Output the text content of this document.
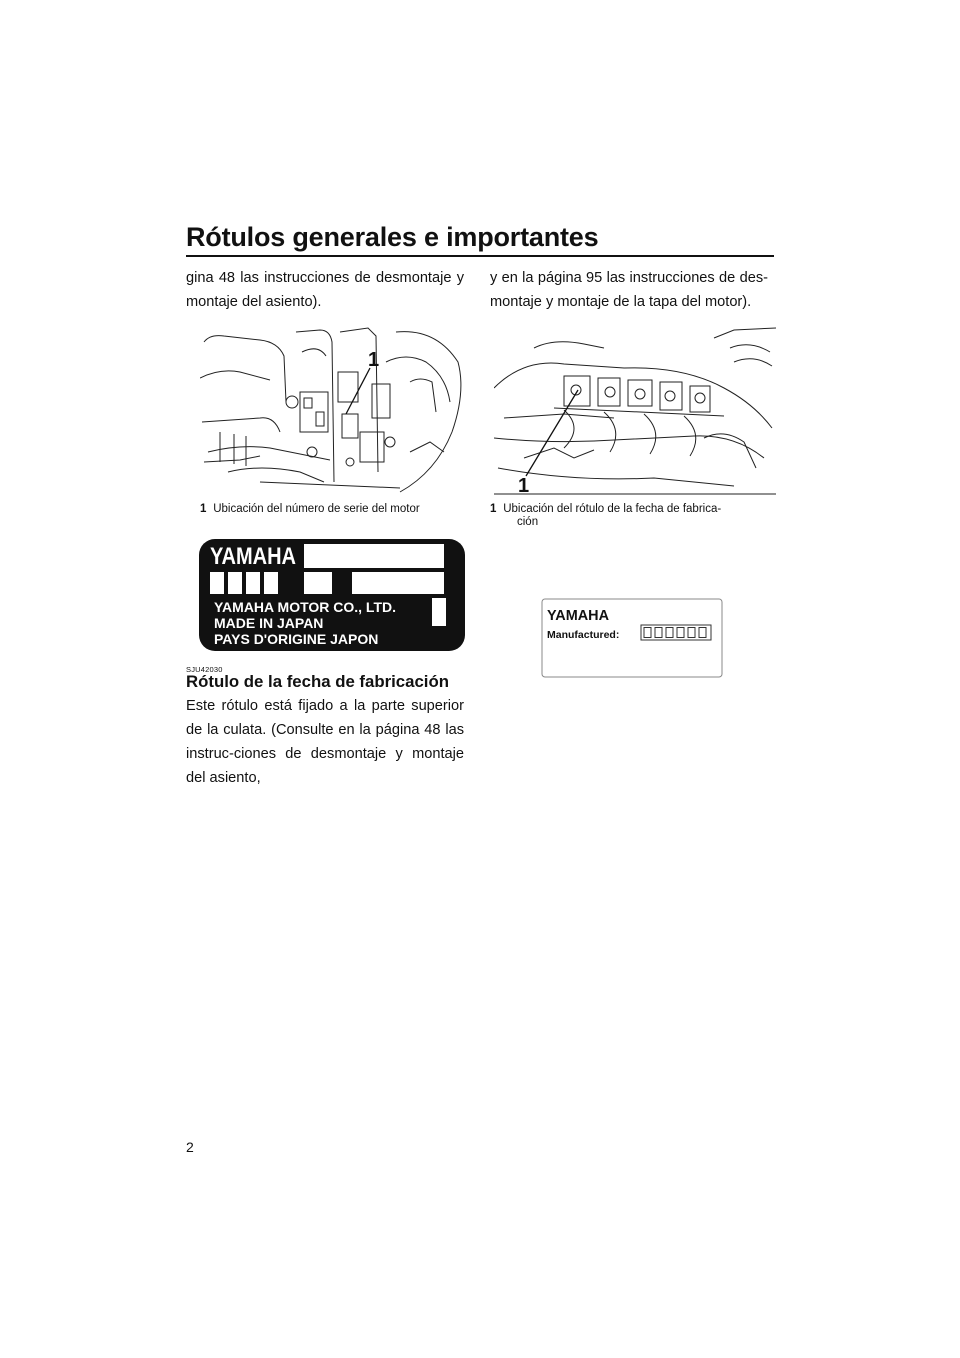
Rótulos generales e importantes

gina 48 las instrucciones de desmontaje y montaje del asiento).

y en la página 95 las instrucciones de des-montaje y montaje de la tapa del motor).

1
1 Ubicación del número de serie del motor
1
1 Ubicación del rótulo de la fecha de fabrica-
ción
YAMAHA
YAMAHA MOTOR CO., LTD.
MADE IN JAPAN
PAYS D'ORIGINE JAPON
SJU42030
Rótulo de la fecha de fabricación

Este rótulo está fijado a la parte superior de la culata. (Consulte en la página 48 las instruc-ciones de desmontaje y montaje del asiento,

YAMAHA
Manufactured:
2
